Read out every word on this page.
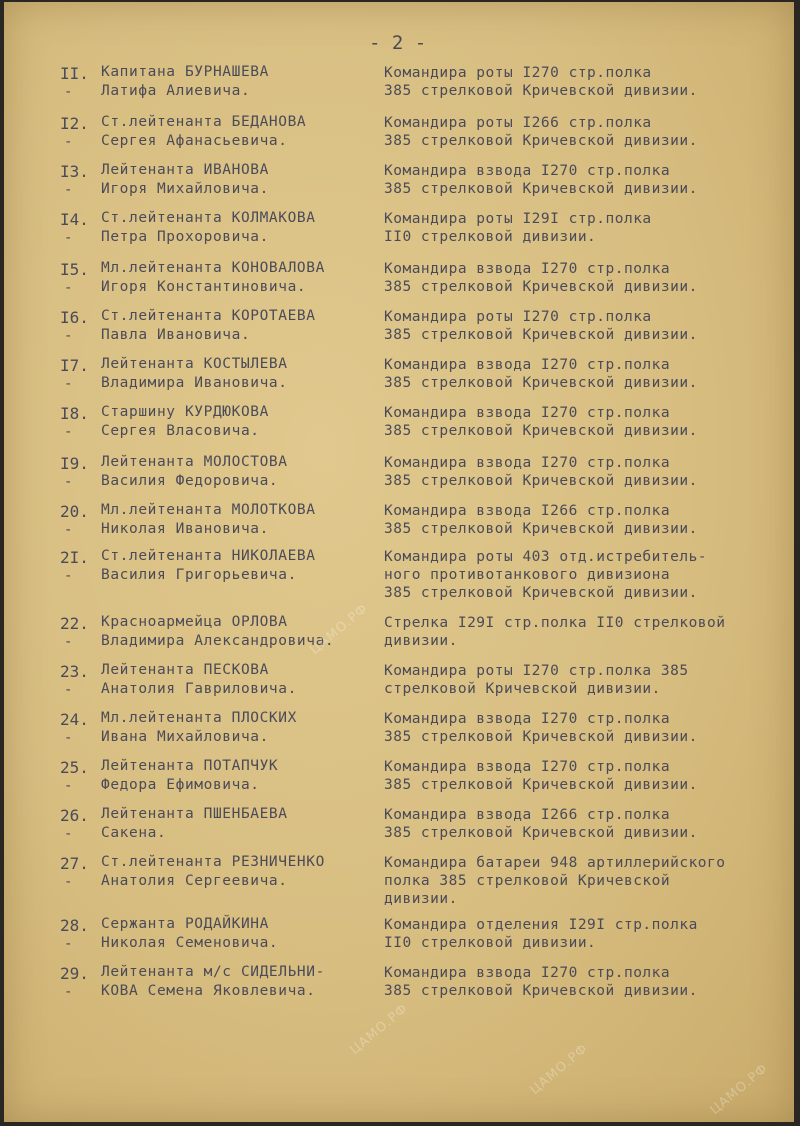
- 2 -
II.
-
Капитана БУРНАШЕВА
Латифа Алиевича.
Командира роты I270 стр.полка
385 стрелковой Кричевской дивизии.
I2.
-
Ст.лейтенанта БЕДАНОВА
Сергея Афанасьевича.
Командира роты I266 стр.полка
385 стрелковой Кричевской дивизии.
I3.
-
Лейтенанта ИВАНОВА
Игоря Михайловича.
Командира взвода I270 стр.полка
385 стрелковой Кричевской дивизии.
I4.
-
Ст.лейтенанта КОЛМАКОВА
Петра Прохоровича.
Командира роты I29I стр.полка
II0 стрелковой дивизии.
I5.
-
Мл.лейтенанта КОНОВАЛОВА
Игоря Константиновича.
Командира взвода I270 стр.полка
385 стрелковой Кричевской дивизии.
I6.
-
Ст.лейтенанта КОРОТАЕВА
Павла Ивановича.
Командира роты I270 стр.полка
385 стрелковой Кричевской дивизии.
I7.
-
Лейтенанта КОСТЫЛЕВА
Владимира Ивановича.
Командира взвода I270 стр.полка
385 стрелковой Кричевской дивизии.
I8.
-
Старшину КУРДЮКОВА
Сергея Власовича.
Командира взвода I270 стр.полка
385 стрелковой Кричевской дивизии.
I9.
-
Лейтенанта МОЛОСТОВА
Василия Федоровича.
Командира взвода I270 стр.полка
385 стрелковой Кричевской дивизии.
20.
-
Мл.лейтенанта МОЛОТКОВА
Николая Ивановича.
Командира взвода I266 стр.полка
385 стрелковой Кричевской дивизии.
2I.
-
Ст.лейтенанта НИКОЛАЕВА
Василия Григорьевича.
Командира роты 403 отд.истребитель-
ного противотанкового дивизиона
385 стрелковой Кричевской дивизии.
22.
-
Красноармейца ОРЛОВА
Владимира Александровича.
Стрелка I29I стр.полка II0 стрелковой
дивизии.
23.
-
Лейтенанта ПЕСКОВА
Анатолия Гавриловича.
Командира роты I270 стр.полка 385
стрелковой Кричевской дивизии.
24.
-
Мл.лейтенанта ПЛОСКИХ
Ивана Михайловича.
Командира взвода I270 стр.полка
385 стрелковой Кричевской дивизии.
25.
-
Лейтенанта ПОТАПЧУК
Федора Ефимовича.
Командира взвода I270 стр.полка
385 стрелковой Кричевской дивизии.
26.
-
Лейтенанта ПШЕНБАЕВА
Сакена.
Командира взвода I266 стр.полка
385 стрелковой Кричевской дивизии.
27.
-
Ст.лейтенанта РЕЗНИЧЕНКО
Анатолия Сергеевича.
Командира батареи 948 артиллерийского
полка 385 стрелковой Кричевской
дивизии.
28.
-
Сержанта РОДАЙКИНА
Николая Семеновича.
Командира отделения I29I стр.полка
II0 стрелковой дивизии.
29.
-
Лейтенанта м/с СИДЕЛЬНИ-
КОВА Семена Яковлевича.
Командира взвода I270 стр.полка
385 стрелковой Кричевской дивизии.
ЦАМО.РФ
ЦАМО.РФ	ЦАМО.РФ
ЦАМО.РФ
